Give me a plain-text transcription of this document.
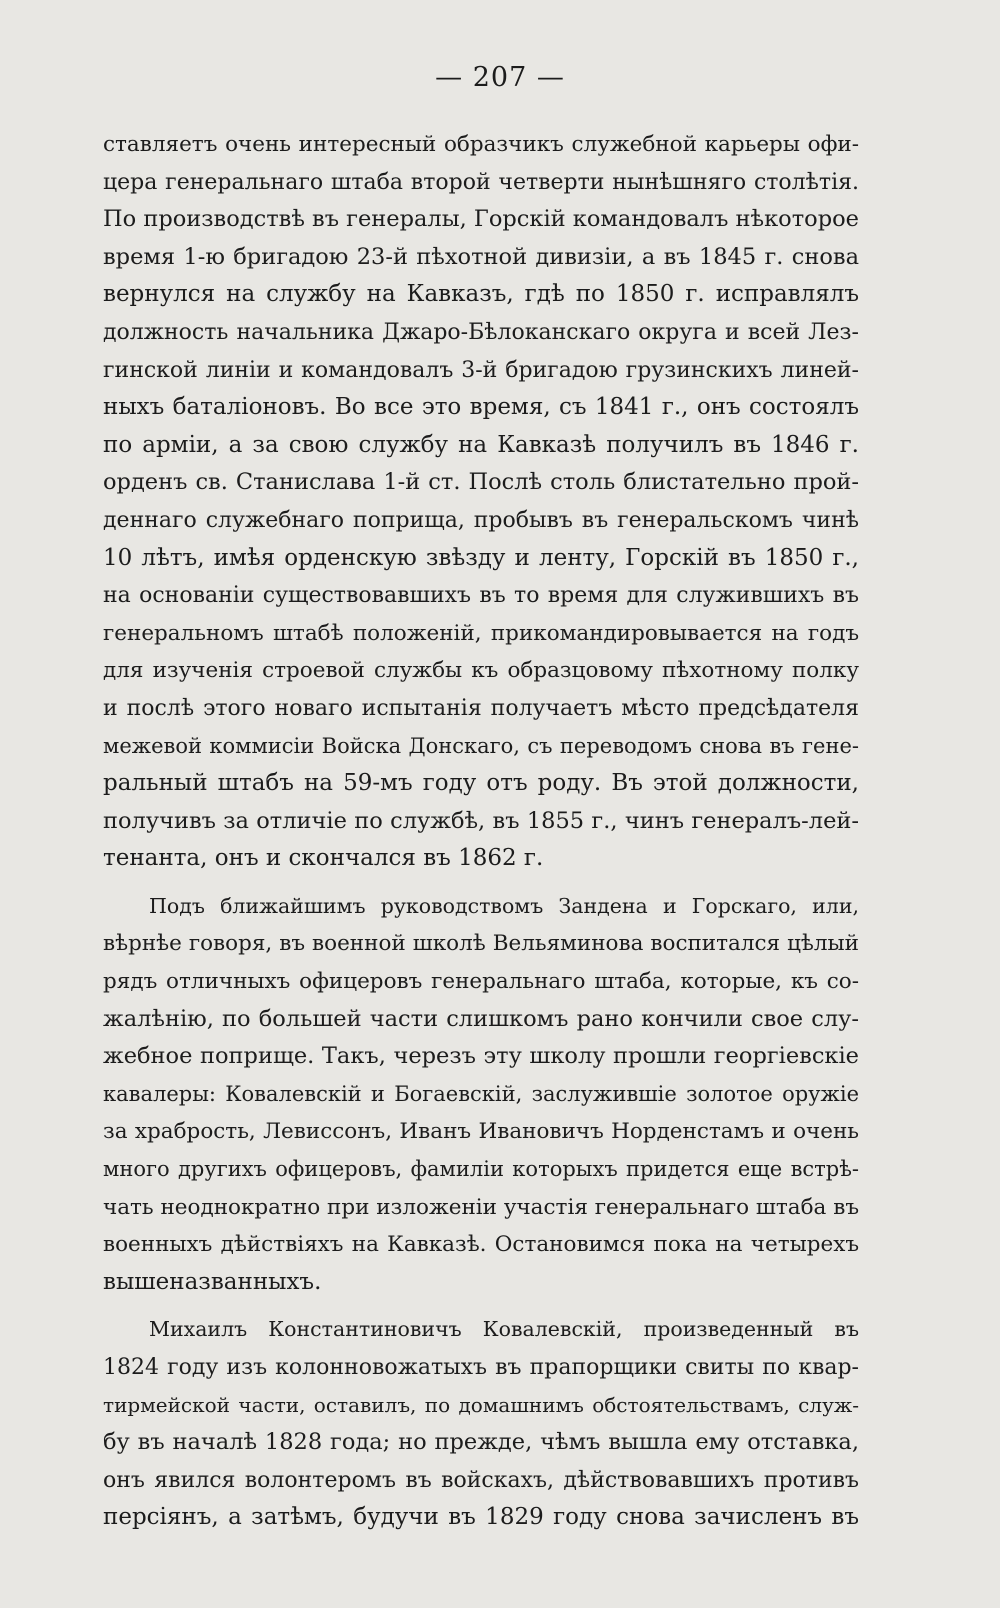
— 207 —
ставляетъ очень интересный образчикъ служебной карьеры офи-
цера генеральнаго штаба второй четверти нынѣшняго столѣтія.
По производствѣ въ генералы, Горскій командовалъ нѣкоторое
время 1-ю бригадою 23-й пѣхотной дивизіи, а въ 1845 г. снова
вернулся на службу на Кавказъ, гдѣ по 1850 г. исправлялъ
должность начальника Джаро-Бѣлоканскаго округа и всей Лез-
гинской линіи и командовалъ 3-й бригадою грузинскихъ линей-
ныхъ баталіоновъ. Во все это время, съ 1841 г., онъ состоялъ
по арміи, а за свою службу на Кавказѣ получилъ въ 1846 г.
орденъ св. Станислава 1-й ст. Послѣ столь блистательно прой-
деннаго служебнаго поприща, пробывъ въ генеральскомъ чинѣ
10 лѣтъ, имѣя орденскую звѣзду и ленту, Горскій въ 1850 г.,
на основаніи существовавшихъ въ то время для служившихъ въ
генеральномъ штабѣ положеній, прикомандировывается на годъ
для изученія строевой службы къ образцовому пѣхотному полку
и послѣ этого новаго испытанія получаетъ мѣсто предсѣдателя
межевой коммисіи Войска Донскаго, съ переводомъ снова въ гене-
ральный штабъ на 59-мъ году отъ роду. Въ этой должности,
получивъ за отличіе по службѣ, въ 1855 г., чинъ генералъ-лей-
тенанта, онъ и скончался въ 1862 г.
Подъ ближайшимъ руководствомъ Зандена и Горскаго, или,
вѣрнѣе говоря, въ военной школѣ Вельяминова воспитался цѣлый
рядъ отличныхъ офицеровъ генеральнаго штаба, которые, къ со-
жалѣнію, по большей части слишкомъ рано кончили свое слу-
жебное поприще. Такъ, черезъ эту школу прошли георгіевскіе
кавалеры: Ковалевскій и Богаевскій, заслужившіе золотое оружіе
за храбрость, Левиссонъ, Иванъ Ивановичъ Норденстамъ и очень
много другихъ офицеровъ, фамиліи которыхъ придется еще встрѣ-
чать неоднократно при изложеніи участія генеральнаго штаба въ
военныхъ дѣйствіяхъ на Кавказѣ. Остановимся пока на четырехъ
вышеназванныхъ.
Михаилъ Константиновичъ Ковалевскій, произведенный въ
1824 году изъ колонновожатыхъ въ прапорщики свиты по квар-
тирмейской части, оставилъ, по домашнимъ обстоятельствамъ, служ-
бу въ началѣ 1828 года; но прежде, чѣмъ вышла ему отставка,
онъ явился волонтеромъ въ войскахъ, дѣйствовавшихъ противъ
персіянъ, а затѣмъ, будучи въ 1829 году снова зачисленъ въ
